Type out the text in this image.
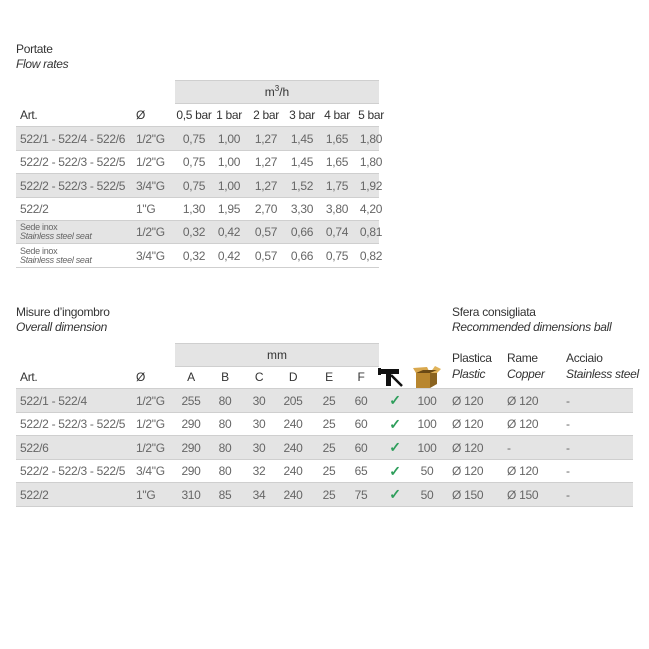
Portate
Flow rates
$m^3/h$
Art.	Ø	0,5 bar 1 bar 2 bar 3 bar 4 bar 5 bar
522/1 - 522/4 - 522/6 1/2"G	0,75	1,00	1,27	1,45	1,65 1,80
522/2 - 522/3 - 522/5 1/2"G	0,75	1,00	1,27	1,45	1,65 1,80
522/2 - 522/3 - 522/5 3/4"G	0,75	1,00	1,27	1,52	1,75 1,92
522/2	1"G	1,30	1,95	2,70	3,30	3,80 4,20
Sede inox
Stainless steel seat	1/2"G	0,32	0,42	0,57	0,66	0,74 0,81
Sede inox
Stainless steel seat	3/4"G	0,32	0,42	0,57	0,66	0,75 0,82
Misure d’ingombro
Overall dimension
Sfera consigliata
Recommended dimensions ball
mm
Art.	Ø	A	B	C	D	E	F
522/1 - 522/4	1/2"G	255	80	30	205	25	60	✓	100	Ø 120	Ø 120	-
522/2 - 522/3 - 522/5 1/2"G	290	80	30	240	25	60	✓	100	Ø 120	Ø 120	-
522/6	1/2"G	290	80	30	240	25	60	✓	100	Ø 120	-	-
522/2 - 522/3 - 522/5 3/4"G	290	80	32	240	25	65	✓	50	Ø 120	Ø 120	-
522/2	1"G	310	85	34	240	25	75	✓	50	Ø 150	Ø 150	-
Plastica
Plastic
Rame
Copper
Acciaio
Stainless steel
